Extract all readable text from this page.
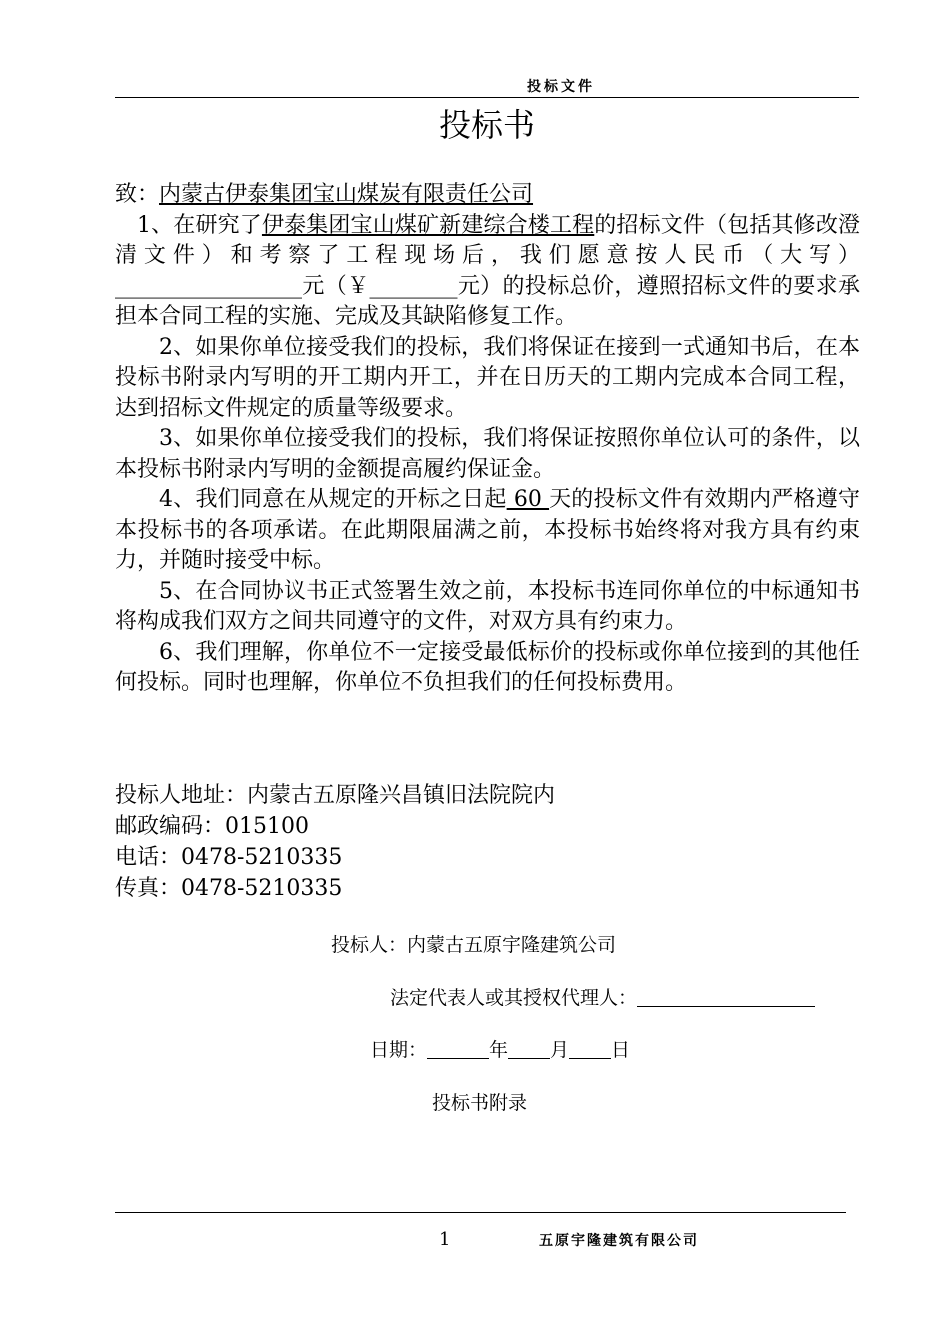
投标文件
投标书

致：内蒙古伊泰集团宝山煤炭有限责任公司

1、在研究了伊泰集团宝山煤矿新建综合楼工程的招标文件（包括其修改澄清文件）和考察了工程现场后，我们愿意按人民币（大写）_________________元（￥________元）的投标总价，遵照招标文件的要求承担本合同工程的实施、完成及其缺陷修复工作。

2、如果你单位接受我们的投标，我们将保证在接到一式通知书后，在本投标书附录内写明的开工期内开工，并在日历天的工期内完成本合同工程，达到招标文件规定的质量等级要求。

3、如果你单位接受我们的投标，我们将保证按照你单位认可的条件，以本投标书附录内写明的金额提高履约保证金。

4、我们同意在从规定的开标之日起 60 天的投标文件有效期内严格遵守本投标书的各项承诺。在此期限届满之前，本投标书始终将对我方具有约束力，并随时接受中标。

5、在合同协议书正式签署生效之前，本投标书连同你单位的中标通知书将构成我们双方之间共同遵守的文件，对双方具有约束力。

6、我们理解，你单位不一定接受最低标价的投标或你单位接到的其他任何投标。同时也理解，你单位不负担我们的任何投标费用。

投标人地址：内蒙古五原隆兴昌镇旧法院院内
邮政编码：015100
电话：0478-5210335
传真：0478-5210335
投标人：内蒙古五原宇隆建筑公司
法定代表人或其授权代理人：
日期：	年 月 日
投标书附录
1	五原宇隆建筑有限公司
